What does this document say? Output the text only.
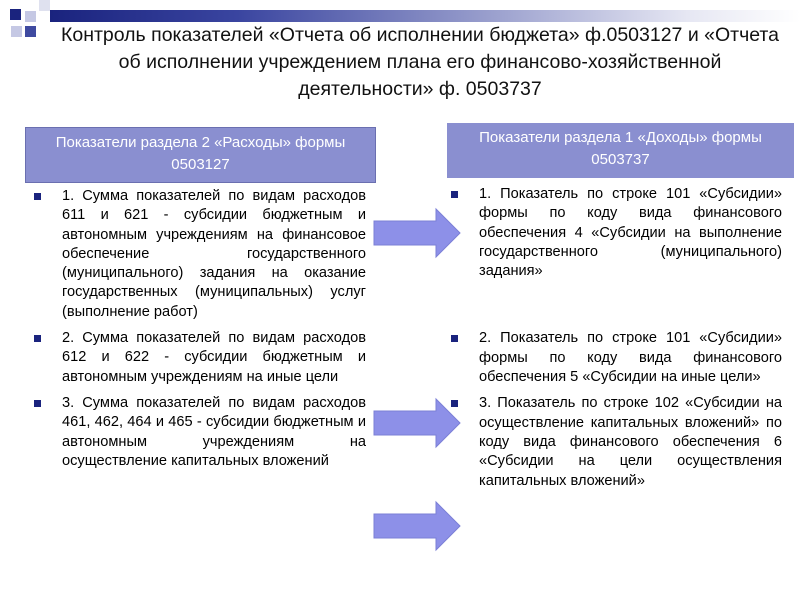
Контроль показателей «Отчета об исполнении бюджета» ф.0503127 и «Отчета об исполнении учреждением плана его финансово-хозяйственной деятельности» ф. 0503737
Показатели раздела 2 «Расходы» формы 0503127
Показатели раздела 1 «Доходы» формы 0503737
1. Сумма показателей по видам расходов 611 и 621 - субсидии бюджетным и автономным учреждениям на финансовое обеспечение государственного (муниципального) задания на оказание государственных (муниципальных) услуг (выполнение работ)
2. Сумма показателей по видам расходов 612 и 622 - субсидии бюджетным и автономным учреждениям на иные цели
3. Сумма показателей по видам расходов 461, 462, 464 и 465 - субсидии бюджетным и автономным учреждениям на осуществление капитальных вложений
1. Показатель по строке 101 «Субсидии» формы по коду вида финансового обеспечения 4 «Субсидии на выполнение государственного (муниципального) задания»
2. Показатель по строке 101 «Субсидии» формы по коду вида финансового обеспечения 5 «Субсидии на иные цели»
3. Показатель по строке 102 «Субсидии на осуществление капитальных вложений» по коду вида финансового обеспечения 6 «Субсидии на цели осуществления капитальных вложений»
